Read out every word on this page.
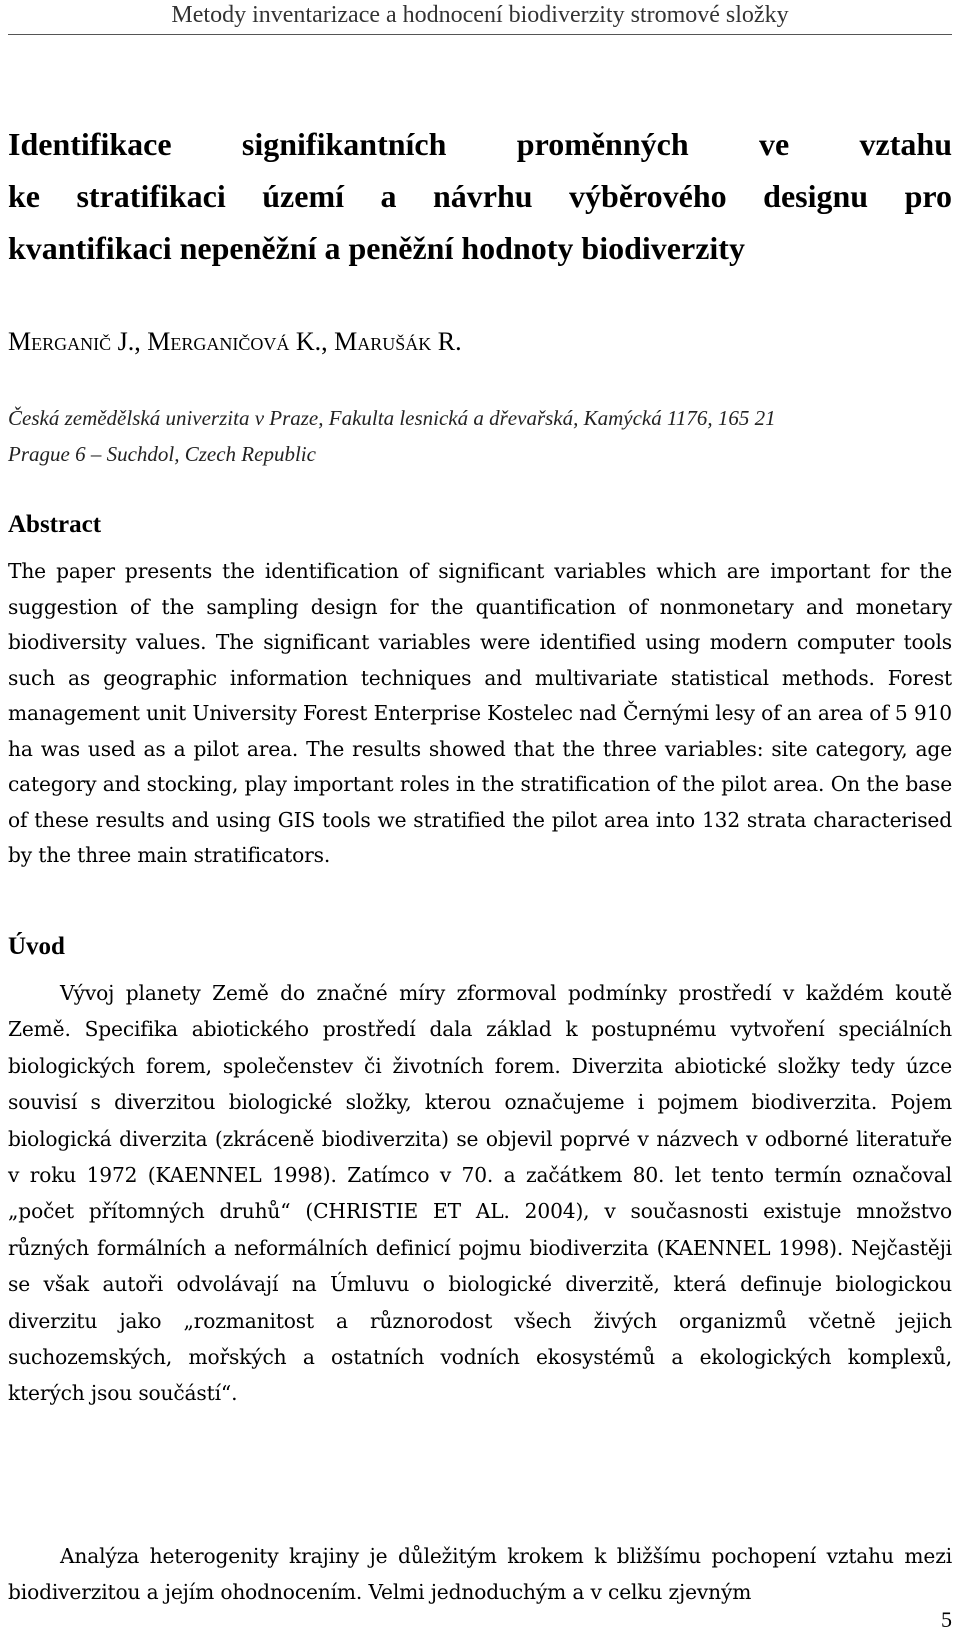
Metody inventarizace a hodnocení biodiverzity stromové složky
Identifikace signifikantních proměnných ve vztahu
ke stratifikaci území a návrhu výběrového designu pro
kvantifikaci nepeněžní a peněžní hodnoty biodiverzity
Merganič J., Merganičová K., Marušák R.
Česká zemědělská univerzita v Praze, Fakulta lesnická a dřevařská, Kamýcká 1176, 165 21
Prague 6 – Suchdol, Czech Republic
Abstract

The paper presents the identification of significant variables which are important for the suggestion of the sampling design for the quantification of nonmonetary and monetary biodiversity values. The significant variables were identified using modern computer tools such as geographic information techniques and multivariate statistical methods. Forest management unit University Forest Enterprise Kostelec nad Černými lesy of an area of 5 910 ha was used as a pilot area. The results showed that the three variables: site category, age category and stocking, play important roles in the stratification of the pilot area. On the base of these results and using GIS tools we stratified the pilot area into 132 strata characterised by the three main stratificators.

Úvod

Vývoj planety Země do značné míry zformoval podmínky prostředí v každém koutě Země. Specifika abiotického prostředí dala základ k postupnému vytvoření speciálních biologických forem, společenstev či životních forem. Diverzita abiotické složky tedy úzce souvisí s diverzitou biologické složky, kterou označujeme i pojmem biodiverzita. Pojem biologická diverzita (zkráceně biodiverzita) se objevil poprvé v názvech v odborné literatuře v roku 1972 (KAENNEL 1998). Zatímco v 70. a začátkem 80. let tento termín označoval „počet přítomných druhů“ (CHRISTIE ET AL. 2004), v současnosti existuje množstvo různých formálních a neformálních definicí pojmu biodiverzita (KAENNEL 1998). Nejčastěji se však autoři odvolávají na Úmluvu o biologické diverzitě, která definuje biologickou diverzitu jako „rozmanitost a různorodost všech živých organizmů včetně jejich suchozemských, mořských a ostatních vodních ekosystémů a ekologických komplexů, kterých jsou součástí“.

Analýza heterogenity krajiny je důležitým krokem k bližšímu pochopení vztahu mezi biodiverzitou a jejím ohodnocením. Velmi jednoduchým a v celku zjevným

5
